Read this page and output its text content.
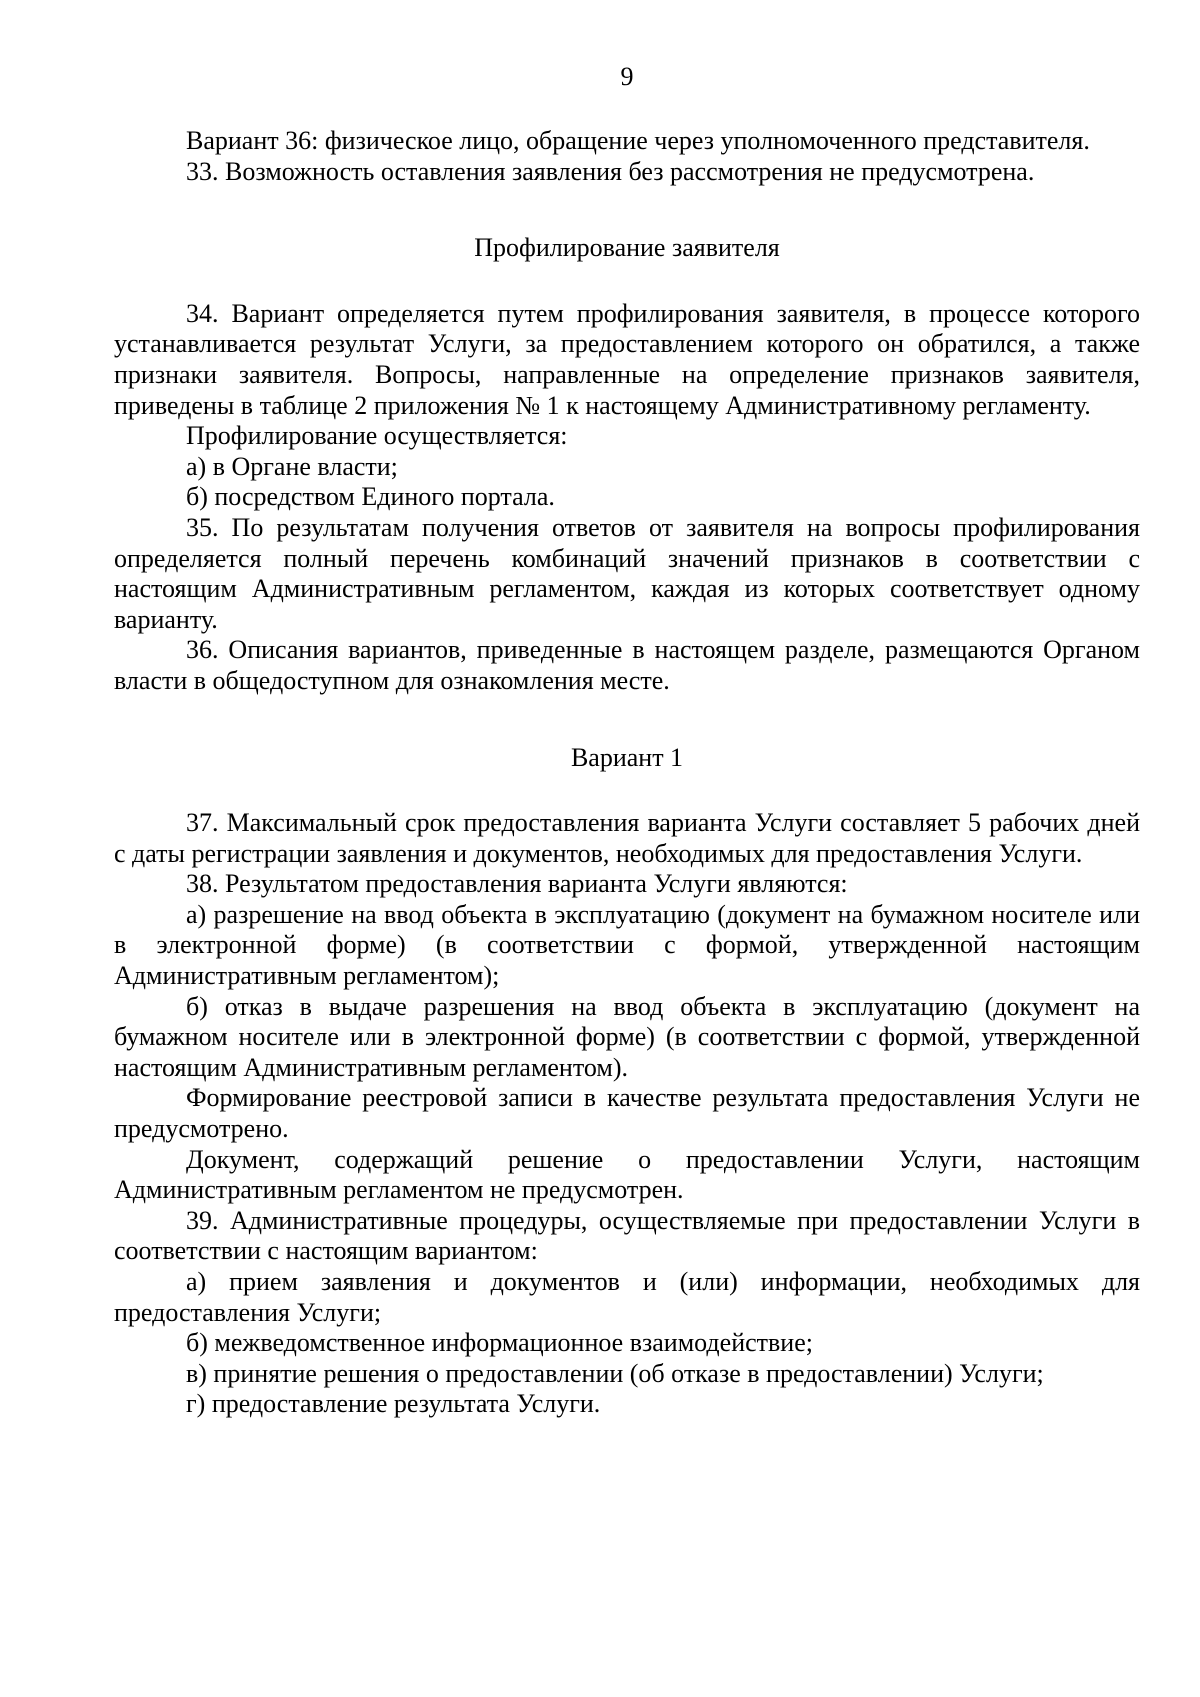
9

Вариант 36: физическое лицо, обращение через уполномоченного представителя.

33. Возможность оставления заявления без рассмотрения не предусмотрена.

Профилирование заявителя

34. Вариант определяется путем профилирования заявителя, в процессе которого устанавливается результат Услуги, за предоставлением которого он обратился, а также признаки заявителя. Вопросы, направленные на определение признаков заявителя, приведены в таблице 2 приложения № 1 к настоящему Административному регламенту.

Профилирование осуществляется:

а) в Органе власти;

б) посредством Единого портала.

35. По результатам получения ответов от заявителя на вопросы профилирования определяется полный перечень комбинаций значений признаков в соответствии с настоящим Административным регламентом, каждая из которых соответствует одному варианту.

36. Описания вариантов, приведенные в настоящем разделе, размещаются Органом власти в общедоступном для ознакомления месте.

Вариант 1

37. Максимальный срок предоставления варианта Услуги составляет 5 рабочих дней с даты регистрации заявления и документов, необходимых для предоставления Услуги.

38. Результатом предоставления варианта Услуги являются:

а) разрешение на ввод объекта в эксплуатацию (документ на бумажном носителе или в электронной форме) (в соответствии с формой, утвержденной настоящим Административным регламентом);

б) отказ в выдаче разрешения на ввод объекта в эксплуатацию (документ на бумажном носителе или в электронной форме) (в соответствии с формой, утвержденной настоящим Административным регламентом).

Формирование реестровой записи в качестве результата предоставления Услуги не предусмотрено.

Документ, содержащий решение о предоставлении Услуги, настоящим Административным регламентом не предусмотрен.

39. Административные процедуры, осуществляемые при предоставлении Услуги в соответствии с настоящим вариантом:

а) прием заявления и документов и (или) информации, необходимых для предоставления Услуги;

б) межведомственное информационное взаимодействие;

в) принятие решения о предоставлении (об отказе в предоставлении) Услуги;

г) предоставление результата Услуги.
